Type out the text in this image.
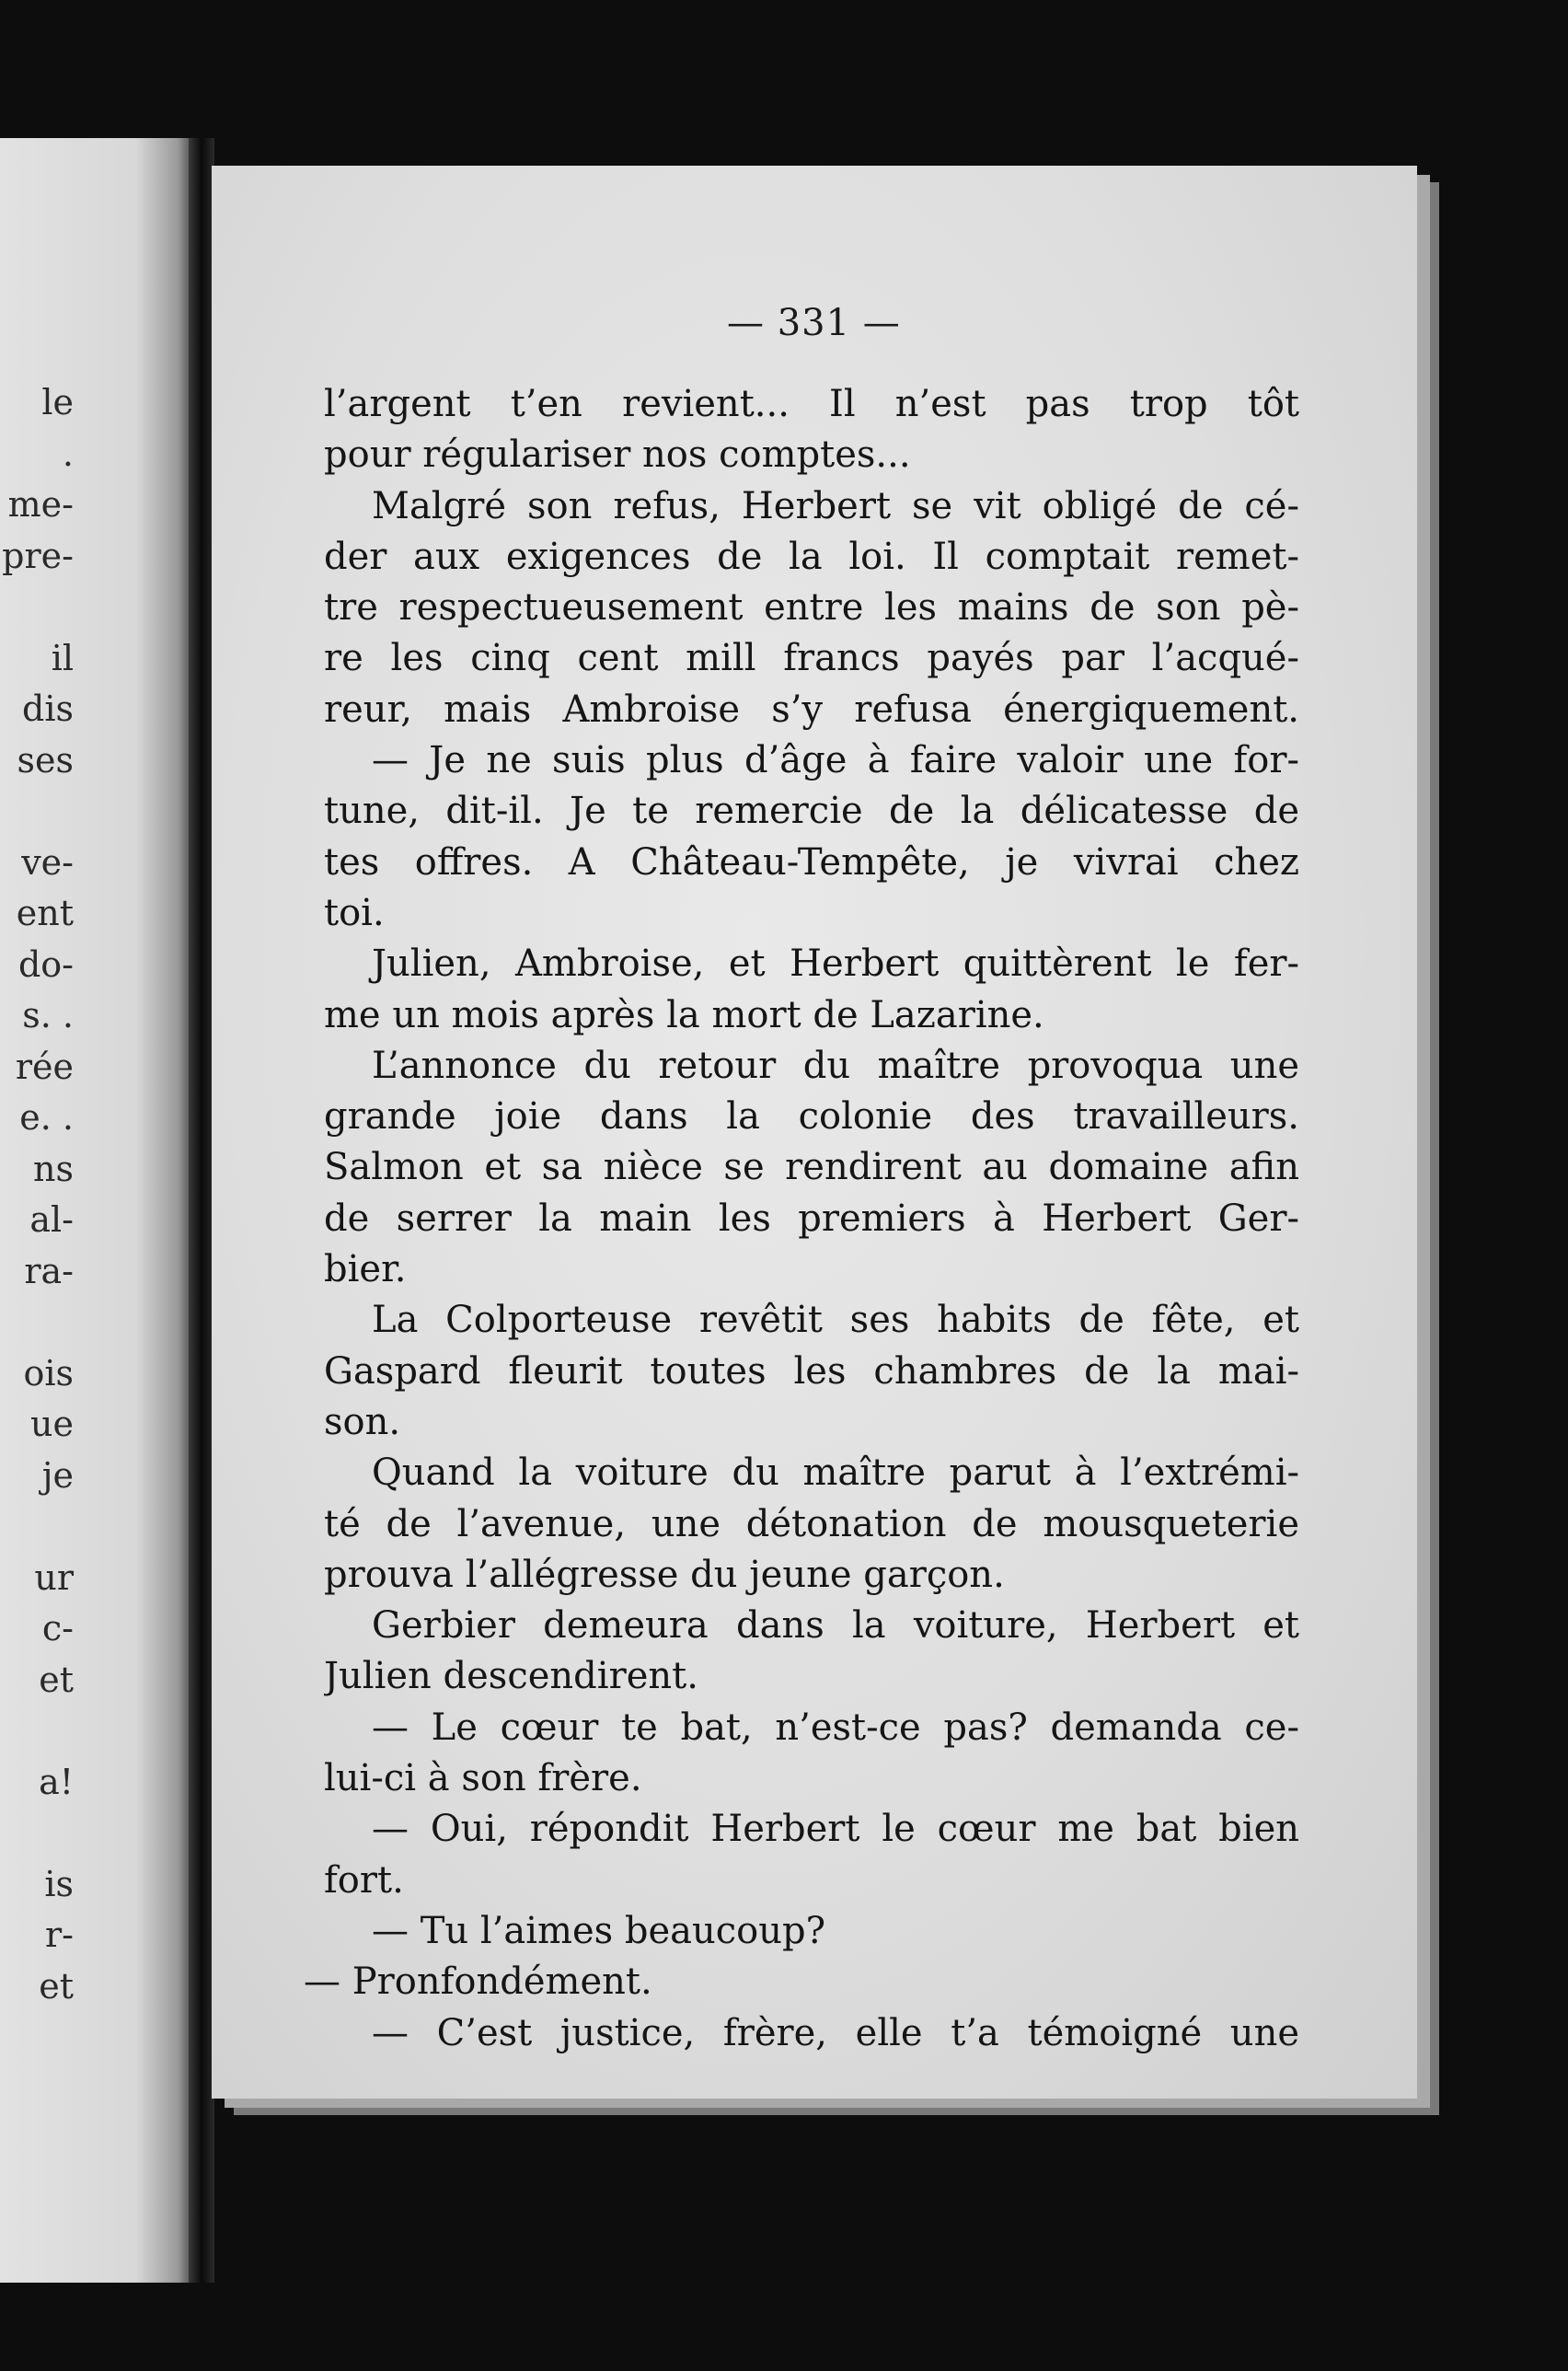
le
.
me-
pre-
il
dis
ses
ve-
ent
do-
s. .
rée
e. .
ns
al-
ra-
ois
ue
je
ur
c-
et
a!
is
r-
et
— 331 —
l’argent t’en revient... Il n’est pas trop tôt
pour régulariser nos comptes...
Malgré son refus, Herbert se vit obligé de cé-
der aux exigences de la loi. Il comptait remet-
tre respectueusement entre les mains de son pè-
re les cinq cent mill francs payés par l’acqué-
reur, mais Ambroise s’y refusa énergiquement.
— Je ne suis plus d’âge à faire valoir une for-
tune, dit-il. Je te remercie de la délicatesse de
tes offres. A Château-Tempête, je vivrai chez
toi.
Julien, Ambroise, et Herbert quittèrent le fer-
me un mois après la mort de Lazarine.
L’annonce du retour du maître provoqua une
grande joie dans la colonie des travailleurs.
Salmon et sa nièce se rendirent au domaine afin
de serrer la main les premiers à Herbert Ger-
bier.
La Colporteuse revêtit ses habits de fête, et
Gaspard fleurit toutes les chambres de la mai-
son.
Quand la voiture du maître parut à l’extrémi-
té de l’avenue, une détonation de mousqueterie
prouva l’allégresse du jeune garçon.
Gerbier demeura dans la voiture, Herbert et
Julien descendirent.
— Le cœur te bat, n’est-ce pas? demanda ce-
lui-ci à son frère.
— Oui, répondit Herbert le cœur me bat bien
fort.
— Tu l’aimes beaucoup?
— Pronfondément.
— C’est justice, frère, elle t’a témoigné une
